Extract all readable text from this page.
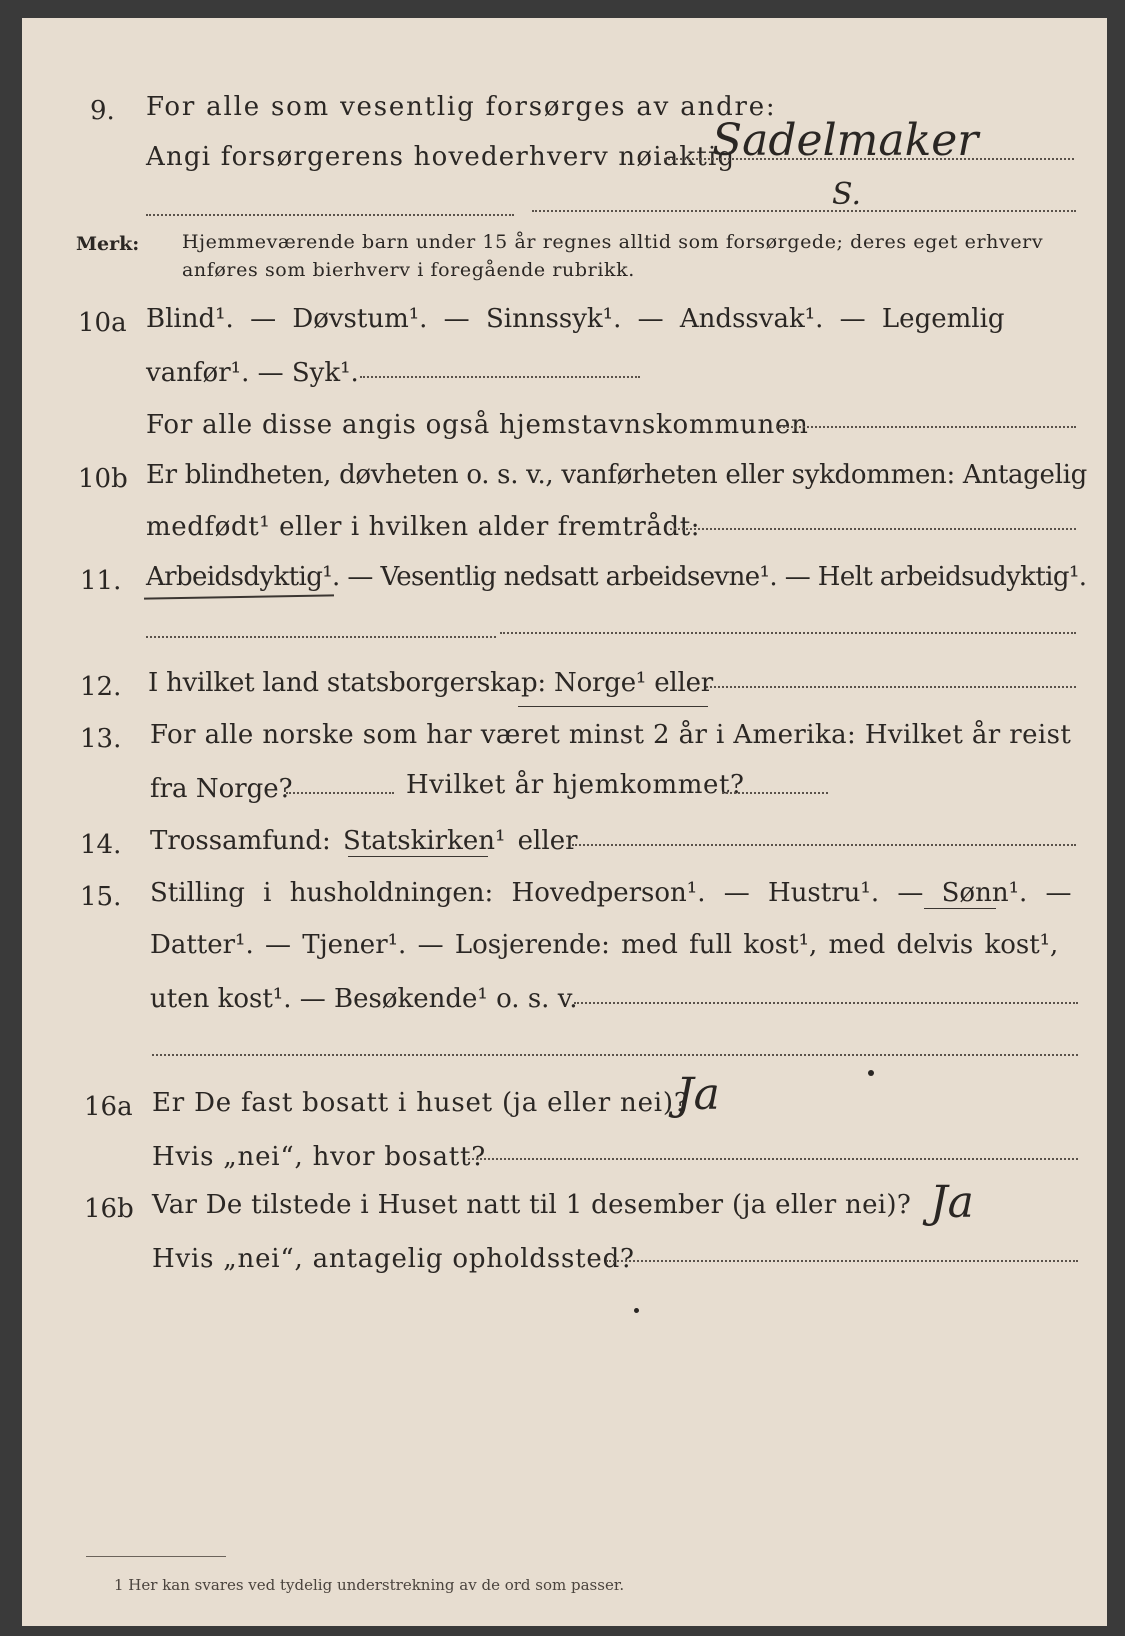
9. For alle som vesentlig forsørges av andre:
Angi forsørgerens hovederhverv nøiaktig
Sadelmaker
S.
Merk: Hjemmeværende barn under 15 år regnes alltid som forsørgede; deres eget erhverv
anføres som bierhverv i foregående rubrikk.
10a Blind¹. — Døvstum¹. — Sinnssyk¹. — Andssvak¹. — Legemlig
vanfør¹. — Syk¹.
For alle disse angis også hjemstavnskommunen
10b Er blindheten, døvheten o. s. v., vanførheten eller sykdommen: Antagelig
medfødt¹ eller i hvilken alder fremtrådt:
11. Arbeidsdyktig¹. — Vesentlig nedsatt arbeidsevne¹. — Helt arbeidsudyktig¹.
12. I hvilket land statsborgerskap: Norge¹ eller
13. For alle norske som har været minst 2 år i Amerika: Hvilket år reist
fra Norge?	Hvilket år hjemkommet?
14. Trossamfund: Statskirken¹ eller
15. Stilling i husholdningen: Hovedperson¹. — Hustru¹. — Sønn¹. —
Datter¹. — Tjener¹. — Losjerende: med full kost¹, med delvis kost¹,
uten kost¹. — Besøkende¹ o. s. v.
16a Er De fast bosatt i huset (ja eller nei)?
Ja
Hvis „nei“, hvor bosatt?
16b Var De tilstede i Huset natt til 1 desember (ja eller nei)? Ja
Hvis „nei“, antagelig opholdssted?
1 Her kan svares ved tydelig understrekning av de ord som passer.
